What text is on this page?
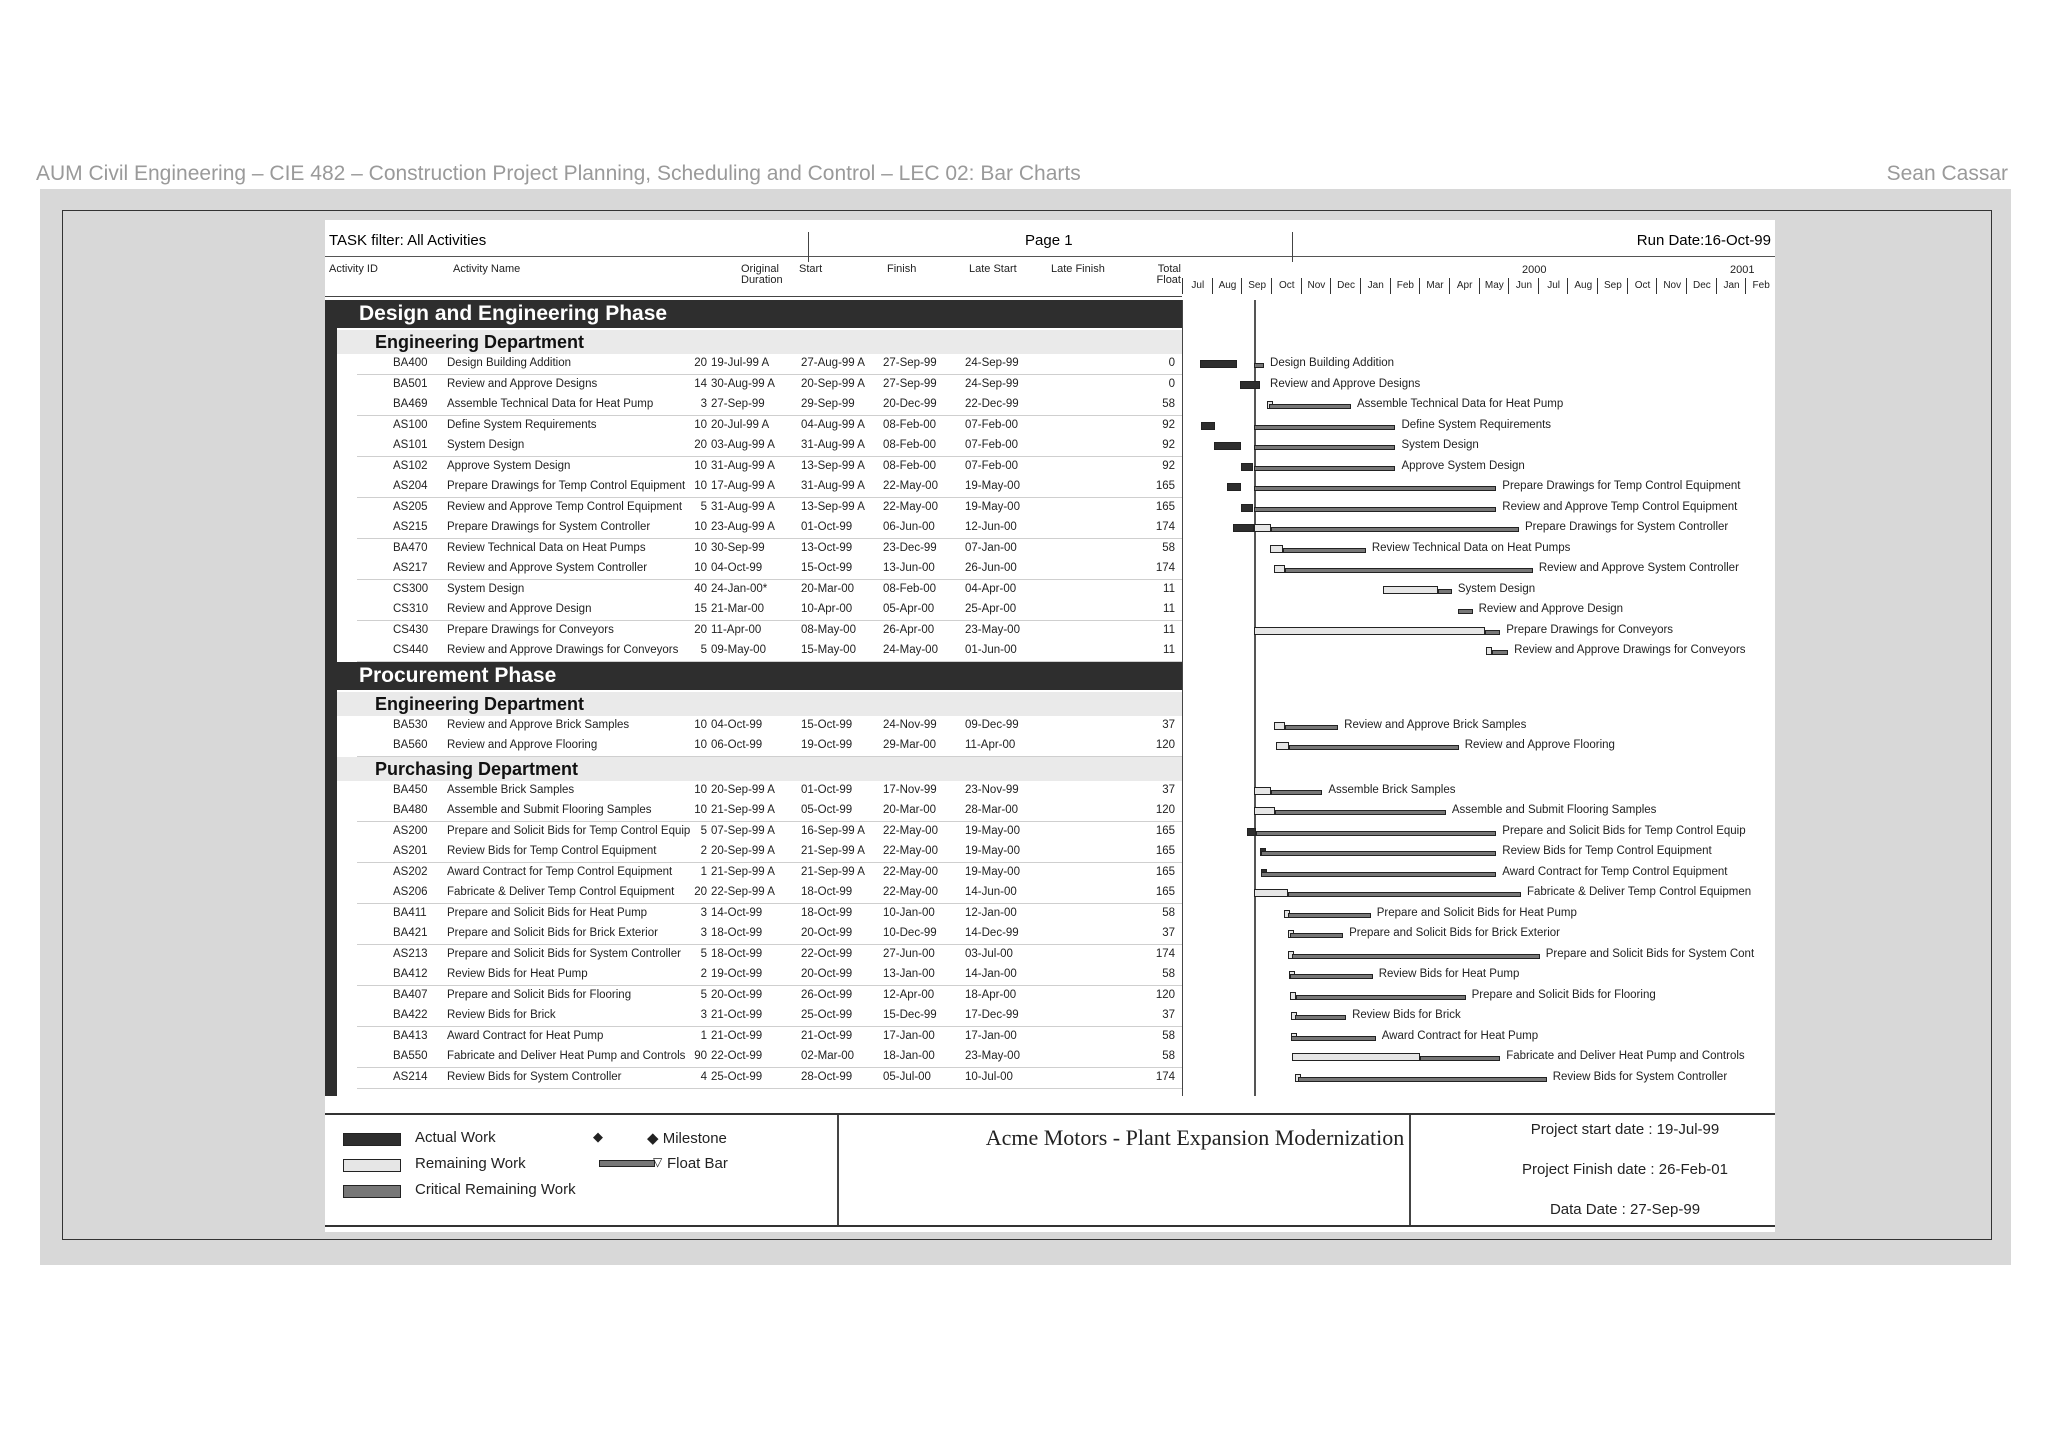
AUM Civil Engineering – CIE 482 – Construction Project Planning, Scheduling and Control – LEC 02: Bar Charts	Sean Cassar
TASK filter: All Activities	Page 1	Run Date:16-Oct-99
Activity ID	Activity Name	Original Duration
Start	Finish	Late Start	Late Finish	Total Float
2000	2001
Jul	Aug	Sep	Oct	Nov	Dec	Jan	Feb	Mar	Apr	May	Jun	Jul	Aug	Sep	Oct	Nov	Dec	Jan	Feb
Design Building Addition
Review and Approve Designs
Assemble Technical Data for Heat Pump
Define System Requirements
System Design
Approve System Design
Prepare Drawings for Temp Control Equipment
Review and Approve Temp Control Equipment
Prepare Drawings for System Controller
Review Technical Data on Heat Pumps
Review and Approve System Controller
System Design
Review and Approve Design
Prepare Drawings for Conveyors
Review and Approve Drawings for Conveyors
Review and Approve Brick Samples
Review and Approve Flooring
Assemble Brick Samples
Assemble and Submit Flooring Samples
Prepare and Solicit Bids for Temp Control Equip
Review Bids for Temp Control Equipment
Award Contract for Temp Control Equipment
Fabricate & Deliver Temp Control Equipmen
Prepare and Solicit Bids for Heat Pump
Prepare and Solicit Bids for Brick Exterior
Prepare and Solicit Bids for System Cont
Review Bids for Heat Pump
Prepare and Solicit Bids for Flooring
Review Bids for Brick
Award Contract for Heat Pump
Fabricate and Deliver Heat Pump and Controls
Review Bids for System Controller
Actual Work
Remaining Work
Critical Remaining Work
◆	◆ Milestone
▽ Float Bar
Acme Motors - Plant Expansion Modernization	Project start date : 19-Jul-99
Project Finish date : 26-Feb-01
Data Date : 27-Sep-99
Design and Engineering Phase
Engineering Department
BA400 Design Building Addition	20 19-Jul-99 A	27-Aug-99 A 27-Sep-99 24-Sep-99	0
BA501 Review and Approve Designs	14 30-Aug-99 A 20-Sep-99 A 27-Sep-99 24-Sep-99	0
BA469 Assemble Technical Data for Heat Pump	3 27-Sep-99	29-Sep-99 20-Dec-99 22-Dec-99	58
AS100 Define System Requirements	10 20-Jul-99 A	04-Aug-99 A 08-Feb-00	07-Feb-00	92
AS101 System Design	20 03-Aug-99 A 31-Aug-99 A 08-Feb-00	07-Feb-00	92
AS102 Approve System Design	10 31-Aug-99 A 13-Sep-99 A 08-Feb-00	07-Feb-00	92
AS204 Prepare Drawings for Temp Control Equipment 10 17-Aug-99 A 31-Aug-99 A 22-May-00 19-May-00	165
AS205 Review and Approve Temp Control Equipment	5 31-Aug-99 A 13-Sep-99 A 22-May-00 19-May-00	165
AS215 Prepare Drawings for System Controller	10 23-Aug-99 A 01-Oct-99	06-Jun-00	12-Jun-00	174
BA470 Review Technical Data on Heat Pumps	10 30-Sep-99	13-Oct-99	23-Dec-99 07-Jan-00	58
AS217 Review and Approve System Controller	10 04-Oct-99	15-Oct-99	13-Jun-00	26-Jun-00	174
CS300 System Design	40 24-Jan-00*	20-Mar-00	08-Feb-00	04-Apr-00	11
CS310 Review and Approve Design	15 21-Mar-00	10-Apr-00	05-Apr-00	25-Apr-00	11
CS430 Prepare Drawings for Conveyors	20 11-Apr-00	08-May-00 26-Apr-00	23-May-00	11
CS440 Review and Approve Drawings for Conveyors	5 09-May-00	15-May-00 24-May-00 01-Jun-00	11
Procurement Phase
Engineering Department
BA530 Review and Approve Brick Samples	10 04-Oct-99	15-Oct-99	24-Nov-99 09-Dec-99	37
BA560 Review and Approve Flooring	10 06-Oct-99	19-Oct-99	29-Mar-00	11-Apr-00	120
Purchasing Department
BA450 Assemble Brick Samples	10 20-Sep-99 A 01-Oct-99	17-Nov-99 23-Nov-99	37
BA480 Assemble and Submit Flooring Samples	10 21-Sep-99 A 05-Oct-99	20-Mar-00	28-Mar-00	120
AS200 Prepare and Solicit Bids for Temp Control Equip 5 07-Sep-99 A 16-Sep-99 A 22-May-00 19-May-00	165
AS201 Review Bids for Temp Control Equipment	2 20-Sep-99 A 21-Sep-99 A 22-May-00 19-May-00	165
AS202 Award Contract for Temp Control Equipment	1 21-Sep-99 A 21-Sep-99 A 22-May-00 19-May-00	165
AS206 Fabricate & Deliver Temp Control Equipment	20 22-Sep-99 A 18-Oct-99	22-May-00 14-Jun-00	165
BA411 Prepare and Solicit Bids for Heat Pump	3 14-Oct-99	18-Oct-99	10-Jan-00	12-Jan-00	58
BA421 Prepare and Solicit Bids for Brick Exterior	3 18-Oct-99	20-Oct-99	10-Dec-99 14-Dec-99	37
AS213 Prepare and Solicit Bids for System Controller	5 18-Oct-99	22-Oct-99	27-Jun-00	03-Jul-00	174
BA412 Review Bids for Heat Pump	2 19-Oct-99	20-Oct-99	13-Jan-00	14-Jan-00	58
BA407 Prepare and Solicit Bids for Flooring	5 20-Oct-99	26-Oct-99	12-Apr-00	18-Apr-00	120
BA422 Review Bids for Brick	3 21-Oct-99	25-Oct-99	15-Dec-99 17-Dec-99	37
BA413 Award Contract for Heat Pump	1 21-Oct-99	21-Oct-99	17-Jan-00	17-Jan-00	58
BA550 Fabricate and Deliver Heat Pump and Controls 90 22-Oct-99	02-Mar-00	18-Jan-00	23-May-00	58
AS214 Review Bids for System Controller	4 25-Oct-99	28-Oct-99	05-Jul-00	10-Jul-00	174
